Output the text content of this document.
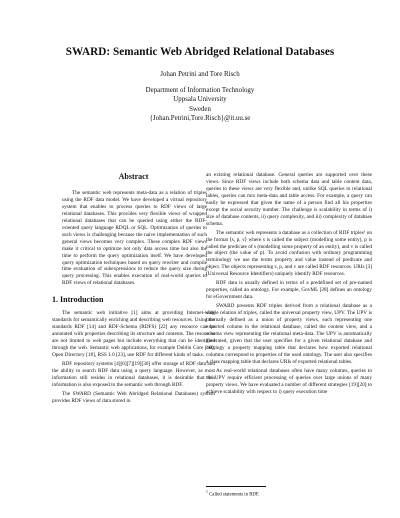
SWARD: Semantic Web Abridged Relational Databases
Johan Petrini and Tore Risch
Department of Information Technology
Uppsala University
Sweden
{Johan.Petrini,Tore.Risch}@it.uu.se
Abstract

The semantic web represents meta-data as a relation of triples using the RDF data model. We have developed a virtual repository system that enables to process queries to RDF views of large relational databases. This provides very flexible views of wrapped relational databases that can be queried using either the RDF-oriented query language RDQL or SQL. Optimization of queries to such views is challenging because the naive implementation of such general views becomes very complex. These complex RDF views make it critical to optimize not only data access time but also the time to perform the query optimization itself. We have developed query optimization techniques based on query rewriter and compile time evaluation of subexpressions to reduce the query size during query processing. This enables execution of real-world queries to RDF views of relational databases.

1. Introduction

The semantic web initiative [1] aims at providing Internet-wide standards for semantically enriching and describing web resources. Using the standards RDF [14] and RDF-Schema (RDFS) [22] any resource can be annotated with properties describing its structure and contents. The resources are not limited to web pages but include everything that can be identified through the web. Semantic web applications, for example Dublin Core [10], Open Directory [18], RSS 1.0 [23], use RDF for different kinds of tasks.

RDF repository systems [4][6][7][19][30] offer storage of RDF data and the ability to search RDF data using a query language. However, as most information still resides in relational databases, it is desirable that this information is also exposed to the semantic web through RDF.

The SWARD (Semantic Web Abridged Relational Databases) system provides RDF views of data stored in

an existing relational database. General queries are supported over these views. Since RDF views include both schema data and table content data, queries to these views are very flexible and, unlike SQL queries to relational tables, queries can mix meta-data and table access. For example, a query can easily be expressed that given the name of a person find all his properties except the social security number. The challenge is scalability in terms of i) size of database contents, ii) query complexity, and iii) complexity of database schema.

The semantic web represents a database as a collection of RDF triples¹ on the format ⟨s, p, v⟩ where s is called the subject (modelling some entity), p is called the predicate of s (modelling some property of an entity), and v is called the object (the value of p). To avoid confusion with ordinary programming terminology we use the terms property and value instead of predicate and object. The objects representing s, p, and v are called RDF resources. URIs [3] (Universal Resource Identifiers) uniquely identify RDF resources.

RDF data is usually defined in terms of a predefined set of pre-named properties, called an ontology. For example, GovML [28] defines an ontology for eGovernment data.

SWARD presents RDF triples derived from a relational database as a single relation of triples, called the universal property view, UPV. The UPV is internally defined as a union of property views, each representing one exported column in the relational database, called the content view, and a schema view representing the relational meta-data. The UPV is automatically generated, given that the user specifies for a given relational database and ontology a property mapping table that declares how exported relational columns correspond to properties of the used ontology. The user also specifies a class mapping table that declares URIs of exported relational tables.

As real-world relational databases often have many columns, queries to the UPV require efficient processing of queries over large unions of many property views. We have evaluated a number of different strategies [19][20] to achieve scalability with respect to i) query execution time

$^1$ Called statements in RDF.
